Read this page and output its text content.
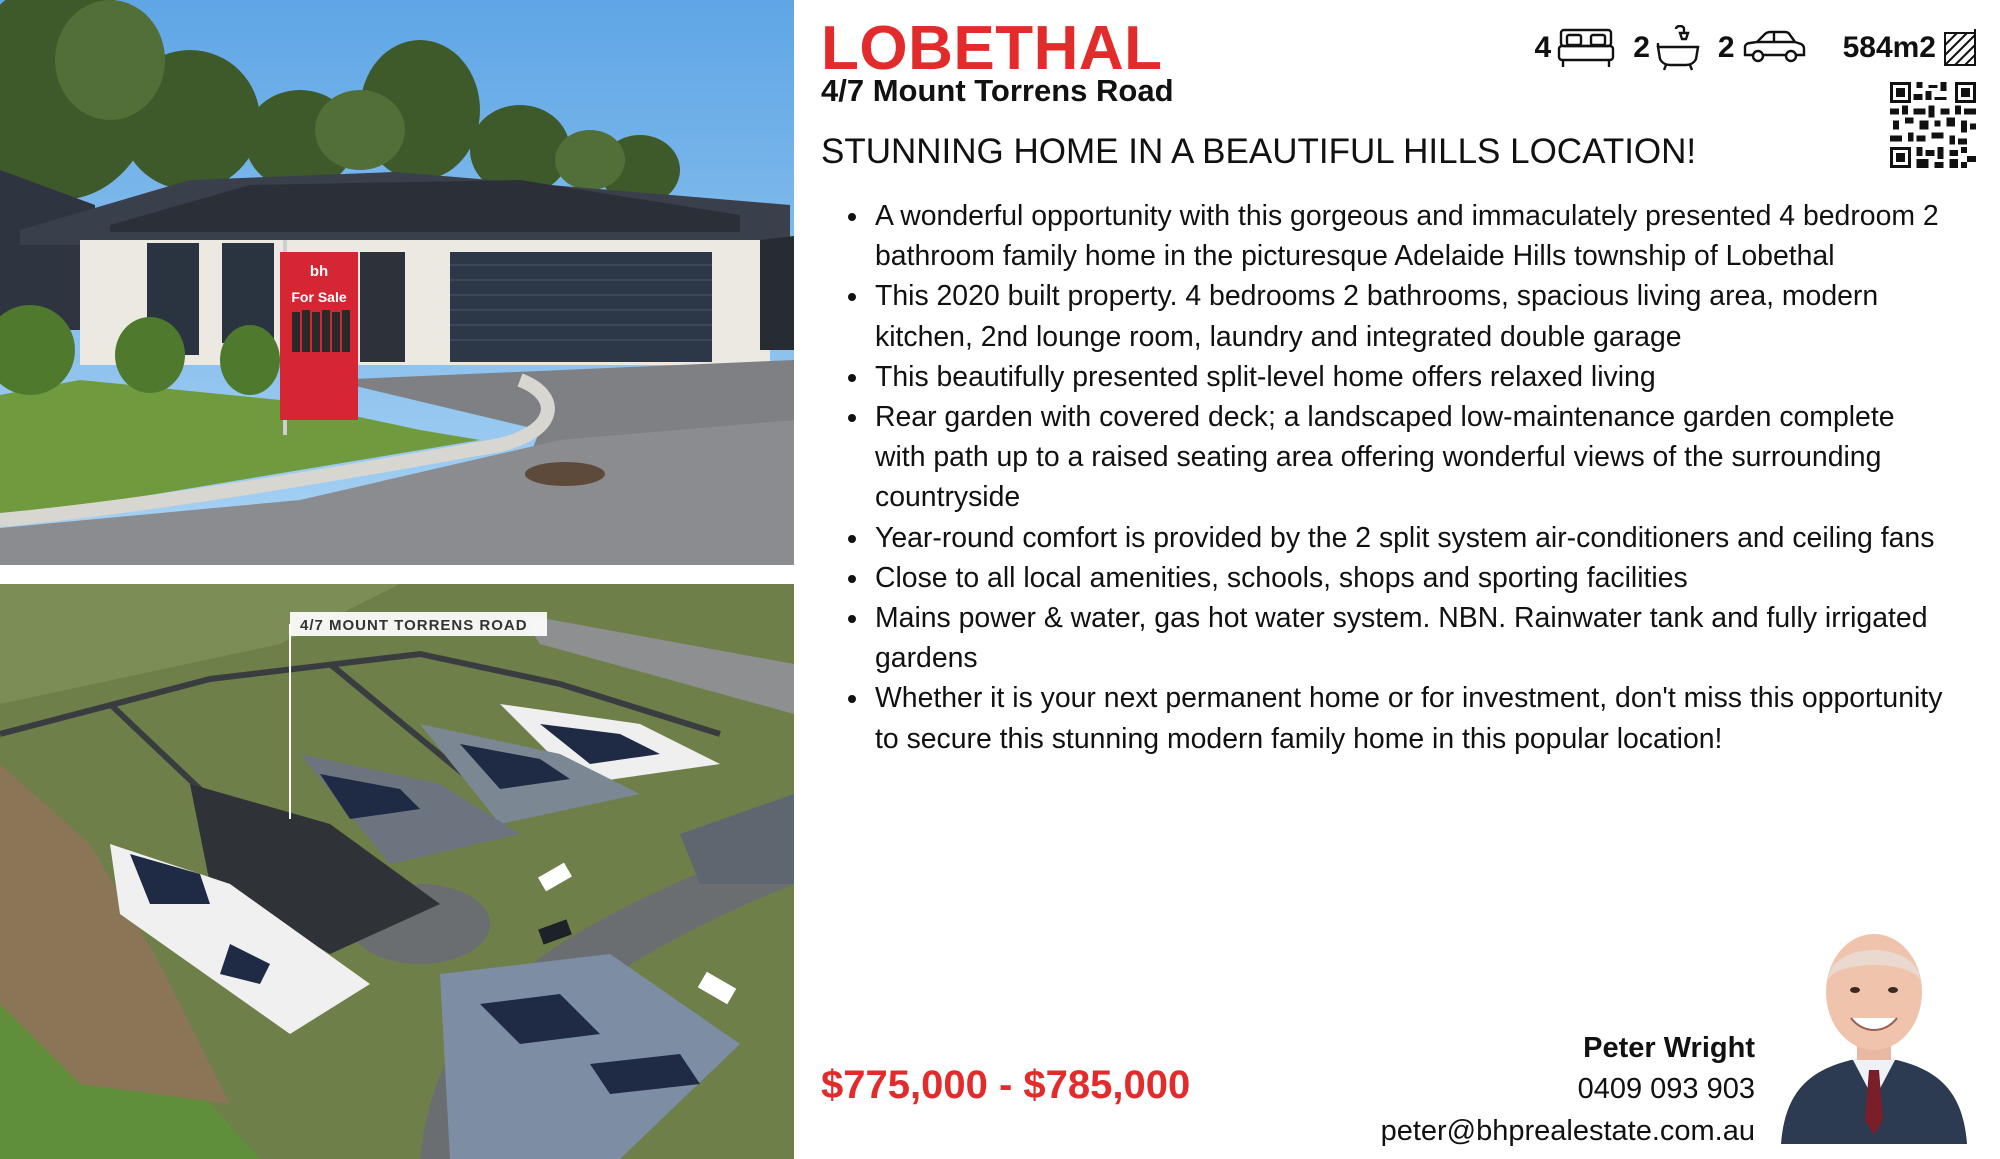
bh
For Sale
4/7 MOUNT TORRENS ROAD
LOBETHAL
4/7 Mount Torrens Road
STUNNING HOME IN A BEAUTIFUL HILLS LOCATION!
4	2 2	584m2
• A wonderful opportunity with this gorgeous and immaculately presented 4 bedroom 2 bathroom family home in the picturesque Adelaide Hills township of Lobethal
• This 2020 built property. 4 bedrooms 2 bathrooms, spacious living area, modern kitchen, 2nd lounge room, laundry and integrated double garage
• This beautifully presented split-level home offers relaxed living
• Rear garden with covered deck; a landscaped low-maintenance garden complete with path up to a raised seating area offering wonderful views of the surrounding countryside
• Year-round comfort is provided by the 2 split system air-conditioners and ceiling fans
• Close to all local amenities, schools, shops and sporting facilities
• Mains power & water, gas hot water system. NBN. Rainwater tank and fully irrigated gardens
• Whether it is your next permanent home or for investment, don't miss this opportunity to secure this stunning modern family home in this popular location!
$775,000 - $785,000
Peter Wright
0409 093 903
peter@bhprealestate.com.au
